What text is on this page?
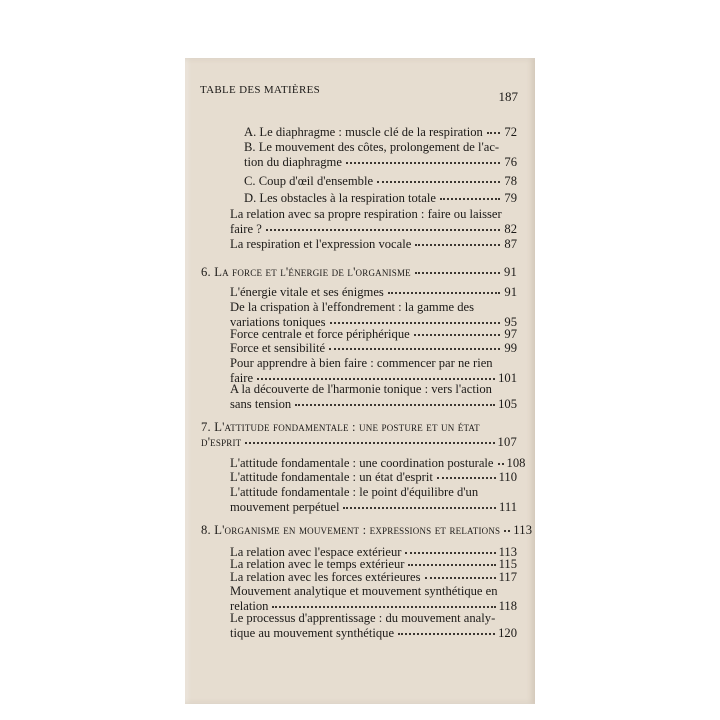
TABLE DES MATIÈRES	187
A. Le diaphragme : muscle clé de la respiration 72
B. Le mouvement des côtes, prolongement de l'ac-
tion du diaphragme	76
C. Coup d'œil d'ensemble	78
D. Les obstacles à la respiration totale	79
La relation avec sa propre respiration : faire ou laisser
faire ?	82
La respiration et l'expression vocale	87
6. La force et l'énergie de l'organisme	91
L'énergie vitale et ses énigmes	91
De la crispation à l'effondrement : la gamme des
variations toniques	95
Force centrale et force périphérique	97
Force et sensibilité	99
Pour apprendre à bien faire : commencer par ne rien
faire	101
A la découverte de l'harmonie tonique : vers l'action
sans tension	105
7. L'attitude fondamentale : une posture et un état
d'esprit	107
L'attitude fondamentale : une coordination posturale 108
L'attitude fondamentale : un état d'esprit	110
L'attitude fondamentale : le point d'équilibre d'un
mouvement perpétuel	111
8. L'organisme en mouvement : expressions et relations 113
La relation avec l'espace extérieur	113
La relation avec le temps extérieur	115
La relation avec les forces extérieures	117
Mouvement analytique et mouvement synthétique en
relation	118
Le processus d'apprentissage : du mouvement analy-
tique au mouvement synthétique	120
